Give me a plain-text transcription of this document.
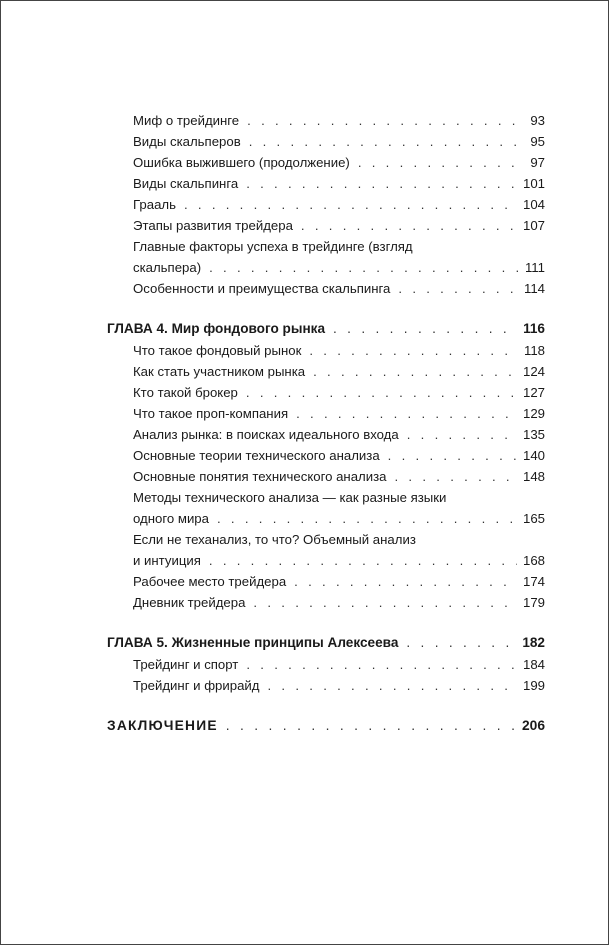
Миф о трейдинге . . .	93
Виды скальперов . . .	95
Ошибка выжившего (продолжение) . . .	97
Виды скальпинга . . .	101
Грааль . . .	104
Этапы развития трейдера . . .	107
Главные факторы успеха в трейдинге (взгляд
скальпера) . . .	111
Особенности и преимущества скальпинга . . .	114
ГЛАВА 4. Мир фондового рынка . . .	116
Что такое фондовый рынок . . .	118
Как стать участником рынка . . .	124
Кто такой брокер . . .	127
Что такое проп-компания . . .	129
Анализ рынка: в поисках идеального входа . . .	135
Основные теории технического анализа . . .	140
Основные понятия технического анализа . . .	148
Методы технического анализа — как разные языки
одного мира . . .	165
Если не теханализ, то что? Объемный анализ
и интуиция . . .	168
Рабочее место трейдера . . .	174
Дневник трейдера . . .	179
ГЛАВА 5. Жизненные принципы Алексеева . . .	182
Трейдинг и спорт . . .	184
Трейдинг и фрирайд . . .	199
ЗАКЛЮЧЕНИЕ . . .	206
